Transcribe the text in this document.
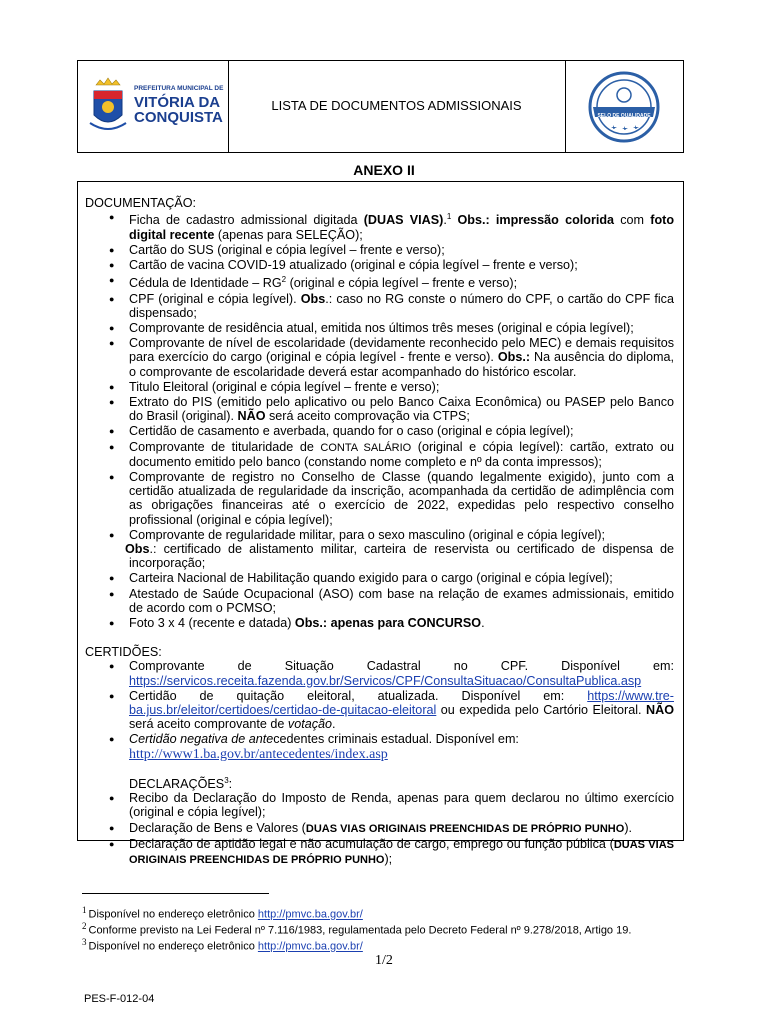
PREFEITURA MUNICIPAL DE
VITÓRIA DA
CONQUISTA
LISTA DE DOCUMENTOS ADMISSIONAIS
SELO DE QUALIDADE
ANEXO II
DOCUMENTAÇÃO:
● Ficha de cadastro admissional digitada (DUAS VIAS).$^1$ Obs.: impressão colorida com foto digital recente (apenas para SELEÇÃO);
● Cartão do SUS (original e cópia legível – frente e verso);
● Cartão de vacina COVID-19 atualizado (original e cópia legível – frente e verso);
● Cédula de Identidade – $RG^2$ (original e cópia legível – frente e verso);
● CPF (original e cópia legível). Obs.: caso no RG conste o número do CPF, o cartão do CPF fica dispensado;
● Comprovante de residência atual, emitida nos últimos três meses (original e cópia legível);
● Comprovante de nível de escolaridade (devidamente reconhecido pelo MEC) e demais requisitos para exercício do cargo (original e cópia legível - frente e verso). Obs.: Na ausência do diploma, o comprovante de escolaridade deverá estar acompanhado do histórico escolar.
● Titulo Eleitoral (original e cópia legível – frente e verso);
● Extrato do PIS (emitido pelo aplicativo ou pelo Banco Caixa Econômica) ou PASEP pelo Banco do Brasil (original). NÃO será aceito comprovação via CTPS;
● Certidão de casamento e averbada, quando for o caso (original e cópia legível);
● Comprovante de titularidade de CONTA SALÁRIO (original e cópia legível): cartão, extrato ou documento emitido pelo banco (constando nome completo e nº da conta impressos);
● Comprovante de registro no Conselho de Classe (quando legalmente exigido), junto com a certidão atualizada de regularidade da inscrição, acompanhada da certidão de adimplência com as obrigações financeiras até o exercício de 2022, expedidas pelo respectivo conselho profissional (original e cópia legível);
● Comprovante de regularidade militar, para o sexo masculino (original e cópia legível);
Obs.: certificado de alistamento militar, carteira de reservista ou certificado de dispensa de incorporação;
● Carteira Nacional de Habilitação quando exigido para o cargo (original e cópia legível);
● Atestado de Saúde Ocupacional (ASO) com base na relação de exames admissionais, emitido de acordo com o PCMSO;
● Foto 3 x 4 (recente e datada) Obs.: apenas para CONCURSO.
CERTIDÕES:
● Comprovante de Situação Cadastral no CPF. Disponível em: https://servicos.receita.fazenda.gov.br/Servicos/CPF/ConsultaSituacao/ConsultaPublica.asp
● Certidão de quitação eleitoral, atualizada. Disponível em: https://www.tre-ba.jus.br/eleitor/certidoes/certidao-de-quitacao-eleitoral ou expedida pelo Cartório Eleitoral. NÃO será aceito comprovante de votação.
● Certidão negativa de antecedentes criminais estadual. Disponível em:
http://www1.ba.gov.br/antecedentes/index.asp
DECLARAÇÕES$^3$:
● Recibo da Declaração do Imposto de Renda, apenas para quem declarou no último exercício (original e cópia legível);
● Declaração de Bens e Valores (DUAS VIAS ORIGINAIS PREENCHIDAS DE PRÓPRIO PUNHO).
● Declaração de aptidão legal e não acumulação de cargo, emprego ou função pública (DUAS VIAS ORIGINAIS PREENCHIDAS DE PRÓPRIO PUNHO);
$^1$ Disponível no endereço eletrônico http://pmvc.ba.gov.br/
$^2$ Conforme previsto na Lei Federal nº 7.116/1983, regulamentada pelo Decreto Federal nº 9.278/2018, Artigo 19.
$^3$ Disponível no endereço eletrônico http://pmvc.ba.gov.br/
1/2
PES-F-012-04
